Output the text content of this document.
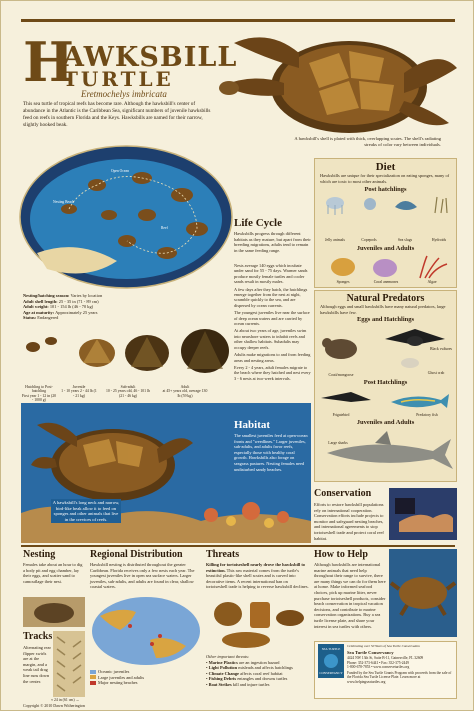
H
AWKSBILL
TURTLE
Eretmochelys imbricata
This sea turtle of tropical reefs has become rare. Although the hawksbill's center of abundance in the Atlantic is the Caribbean Sea, significant numbers of juvenile hawksbills feed on reefs in southern Florida and the Keys. Hawksbills are named for their narrow, slightly hooked beak.
A hawksbill's shell is plated with thick, overlapping scutes. The shell's radiating streaks of color vary between individuals.
Nesting Beach
Open Ocean
Reef
Nesting/hatching season: Varies by location
Adult shell length: 25 - 35 in (71 - 89 cm)
Adult weight: 101 - 154 lb (46 - 70 kg)
Age at maturity: Approximately 25 years
Status: Endangered
Hatchling to Post-hatchling
First year 1 - 12 in (20 - 1000 g)
Juvenile
1 - 10 years 2 - 44 lb (1 - 21 kg)
Sub-adult
10 - 25 years old, 46 - 101 lb (21 - 46 kg)
Adult
at 45+ years old, average 130 lb (59 kg)
Life Cycle
Hawksbills progress through different habitats as they mature, but apart from their breeding migrations, adults tend to remain in the same feeding range.
Nests average 140 eggs which incubate under sand for 55 - 75 days. Warmer sands produce mostly female turtles and cooler sands result in mostly males.
A few days after they hatch, the hatchlings emerge together from the nest at night, scramble quickly to the sea, and are dispersed by ocean currents.
The youngest juveniles live near the surface of deep ocean waters and are carried by ocean currents.
At about two years of age, juveniles swim into nearshore waters to inhabit reefs and other shallow habitats. Subadults may occupy deeper reefs.
Adults make migrations to and from feeding areas and nesting areas.
Every 2 - 4 years, adult females migrate to the beach where they hatched and nest every 3 - 6 nests at two-week intervals.
Diet
Hawksbills are unique for their specialization on eating sponges, many of which are toxic to most other animals.
Post hatchlings
Jelly animals	Copepods	Sea slugs	Hydroids
Juveniles and Adults
Sponges	Coral anemones	Algae
Natural Predators
Although eggs and small hawksbills have many natural predators, large hawksbills have few.
Eggs and Hatchlings
Coati/mongoose
Black vultures
Ghost crab
Post Hatchlings
Frigatebird	Predatory fish
Juveniles and Adults
Large sharks
A hawksbill's long neck and narrow, bird-like beak allow it to feed on sponges and other animals that live in the crevices of reefs.
Habitat
The smallest juveniles feed at open-ocean fronts and "weedlines." Larger juveniles, sub-adults, and adults favor reefs, especially those with healthy coral growth. Hawksbills also forage on seagrass pastures. Nesting females need undisturbed sandy beaches.
Conservation
Efforts to restore hawksbill populations rely on international cooperation. Conservation efforts include projects to monitor and safeguard nesting beaches, and international agreements to stop tortoiseshell trade and protect coral reef habitat.
Nesting
Females take about an hour to dig a body pit and egg chamber, lay their eggs, and scatter sand to camouflage their nest.
Tracks
Alternating rear flipper swirls are at the margin, and a weak tail drag line runs down the center.
≈ 24 in (61 cm) →
Regional Distribution
Hawksbill nesting is distributed throughout the greater Caribbean. Florida receives only a few nests each year. The youngest juveniles live in open sea surface waters. Larger juveniles, sub-adults, and adults are found in clear, shallow coastal waters.
Oceanic juveniles
Large juveniles and adults
Major nesting beaches
Threats
Killing for tortoiseshell nearly drove the hawksbill to extinction. This raw material comes from the turtle's beautiful plastic-like shell scutes and is carved into decorative items. A recent international ban on tortoiseshell trade is helping to reverse hawksbill declines.
Other important threats:
• Marine Plastics are an ingestion hazard
• Light Pollution misleads and affects hatchlings
• Climate Change affects coral reef habitat
• Fishing Debris entangles and drowns turtles
• Boat Strikes kill and injure turtles
How to Help
Although hawksbills are international marine animals that need help throughout their range to survive, there are many things we can do for them here at home. Make informed seafood choices, pick up marine litter, never purchase tortoiseshell products, consider beach conservation in tropical vacation decisions, and contribute to marine conservation organizations. Buy a sea turtle license plate, and share your interest in sea turtles with others.
SEA TURTLE
CONSERVANCY
Celebrating over 50 Years of Sea Turtle Conservation
Sea Turtle Conservancy
4424 NW 13th St, Suite B-11, Gainesville, FL 32609
Phone: 352-373-6441 • Fax: 352-375-2449
1-800-678-7853 • www.conserveturtles.org
Funded by the Sea Turtle Grants Program with proceeds from the sale of the Florida Sea Turtle License Plate. Learn more at www.helpingseaturtles.org
Copyright © 2010 Dawn Witherington
